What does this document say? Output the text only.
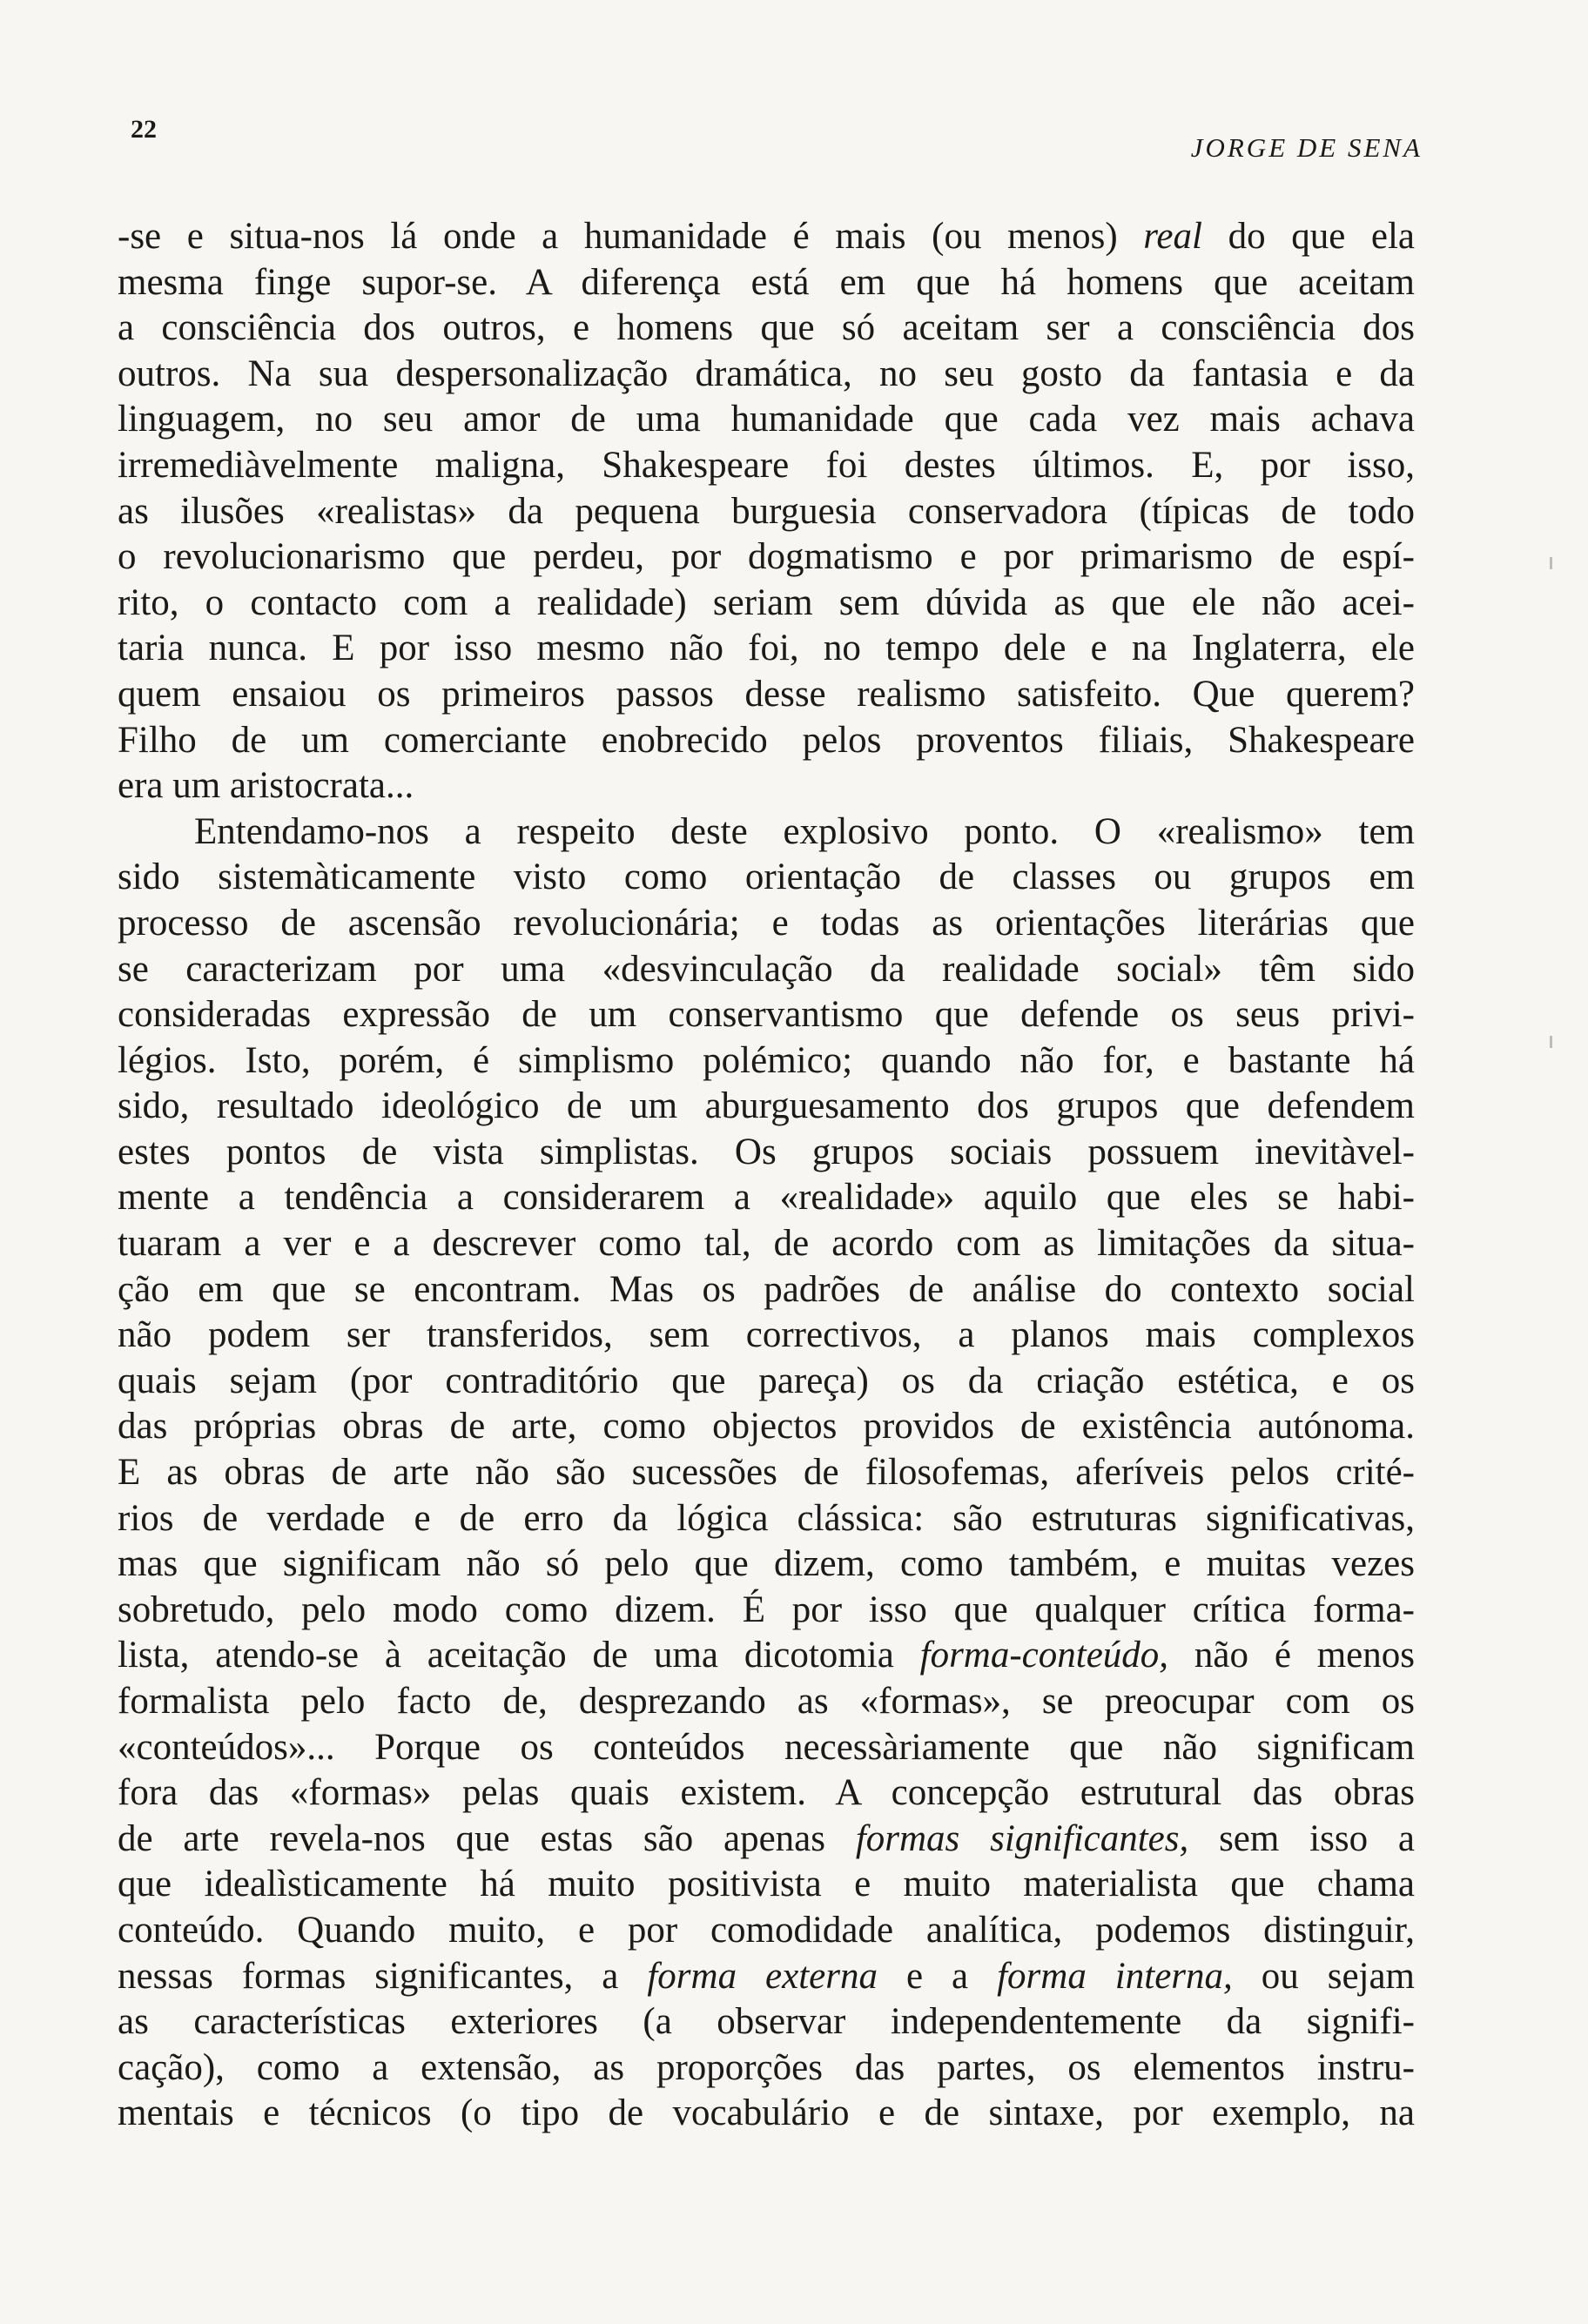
22
JORGE DE SENA
-se e situa-nos lá onde a humanidade é mais (ou menos) real do que ela
mesma finge supor-se. A diferença está em que há homens que aceitam
a consciência dos outros, e homens que só aceitam ser a consciência dos
outros. Na sua despersonalização dramática, no seu gosto da fantasia e da
linguagem, no seu amor de uma humanidade que cada vez mais achava
irremediàvelmente maligna, Shakespeare foi destes últimos. E, por isso,
as ilusões «realistas» da pequena burguesia conservadora (típicas de todo
o revolucionarismo que perdeu, por dogmatismo e por primarismo de espí-
rito, o contacto com a realidade) seriam sem dúvida as que ele não acei-
taria nunca. E por isso mesmo não foi, no tempo dele e na Inglaterra, ele
quem ensaiou os primeiros passos desse realismo satisfeito. Que querem?
Filho de um comerciante enobrecido pelos proventos filiais, Shakespeare
era um aristocrata...
Entendamo-nos a respeito deste explosivo ponto. O «realismo» tem
sido sistemàticamente visto como orientação de classes ou grupos em
processo de ascensão revolucionária; e todas as orientações literárias que
se caracterizam por uma «desvinculação da realidade social» têm sido
consideradas expressão de um conservantismo que defende os seus privi-
légios. Isto, porém, é simplismo polémico; quando não for, e bastante há
sido, resultado ideológico de um aburguesamento dos grupos que defendem
estes pontos de vista simplistas. Os grupos sociais possuem inevitàvel-
mente a tendência a considerarem a «realidade» aquilo que eles se habi-
tuaram a ver e a descrever como tal, de acordo com as limitações da situa-
ção em que se encontram. Mas os padrões de análise do contexto social
não podem ser transferidos, sem correctivos, a planos mais complexos
quais sejam (por contraditório que pareça) os da criação estética, e os
das próprias obras de arte, como objectos providos de existência autónoma.
E as obras de arte não são sucessões de filosofemas, aferíveis pelos crité-
rios de verdade e de erro da lógica clássica: são estruturas significativas,
mas que significam não só pelo que dizem, como também, e muitas vezes
sobretudo, pelo modo como dizem. É por isso que qualquer crítica forma-
lista, atendo-se à aceitação de uma dicotomia forma-conteúdo, não é menos
formalista pelo facto de, desprezando as «formas», se preocupar com os
«conteúdos»... Porque os conteúdos necessàriamente que não significam
fora das «formas» pelas quais existem. A concepção estrutural das obras
de arte revela-nos que estas são apenas formas significantes, sem isso a
que idealìsticamente há muito positivista e muito materialista que chama
conteúdo. Quando muito, e por comodidade analítica, podemos distinguir,
nessas formas significantes, a forma externa e a forma interna, ou sejam
as características exteriores (a observar independentemente da signifi-
cação), como a extensão, as proporções das partes, os elementos instru-
mentais e técnicos (o tipo de vocabulário e de sintaxe, por exemplo, na
